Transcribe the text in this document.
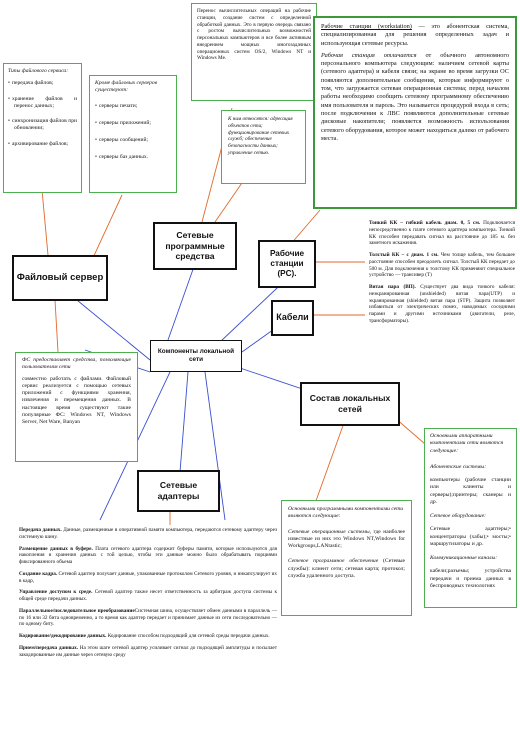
Компоненты локальной сети
Файловый сервер
Сетевые программные средства	Рабочие станции (PC).
Кабели
Состав локальных сетей
Сетевые адаптеры

Перенос вычислительных операций на рабочие станции, создание систем с определенной обработкой данных. Это в первую очередь связано с ростом вычислительных возможностей персональных компьютеров и все более активным внедрением мощных многозадачных операционных систем OS/2, Windows NT и Windows Me.

Типы файлового сервиса:

• передача файлов;
• хранение файлов и перенос данных;
• синхронизация файлов при обновлении;
• архивирование файлов;

Кроме файловых серверов существуют:

• серверы печати;
• серверы приложений;
• серверы сообщений;
• серверы баз данных.

К ним относятся: адресация объектов сети; функционирование сетевых служб; обеспечение безопасности данных; управление сетью.

Рабочие станции (workstation) — это абонентская система, специализированная для решения определенных задач и использующая сетевые ресурсы.

Рабочая станция отличается от обычного автономного персонального компьютера следующим: наличием сетевой карты (сетевого адаптера) и кабеля связи; на экране во время загрузки ОС появляются дополнительные сообщения, которые информируют о том, что загружается сетевая операционная система; перед началом работы необходимо сообщить сетевому программному обеспечению имя пользователя и пароль. Это называется процедурой входа в сеть; после подключения к ЛВС появляются дополнительные сетевые дисковые накопители; появляется возможность использования сетевого оборудования, которое может находиться далеко от рабочего места.

Тонкий КК – гибкий кабель диам. 0, 5 см. Подключается непосредственно к плате сетевого адаптера компьютера. Тонкий КК способен передавать сигнал на расстояние до 185 м. без заметного искажения.

Толстый КК – с диам. 1 см. Чем толще кабель, тем большее расстояние способен преодолеть сигнал. Толстый КК передает до 500 м. Для подключения к толстому КК применяют специальное устройство — трансивер (Т)

Витая пара (ВП). Существует два вида тонкого кабеля: неэкранированная (unshielded) витая пара(UTP) и экранированная (shielded) витая пара (STP). Защита позволяет избавиться от электрических помех, наводимых соседними парами и другими источниками (двигатели, реле, трансформаторы).

ФС предоставляет средства, позволяющие пользователям сети

совместно работать с файлами. Файловый сервис реализуется с помощью сетевых приложений с функциями хранения, извлечения и перемещения данных. В настоящее время существуют такие популярные ФС: Windows NT, Windows Server, Net Ware, Banyan

Основными программными компонентами сети являются следующие:

Сетевые операционные системы, где наиболее известные из них это Windows NT,Windows for Workgroups,LANtastic;

Сетевое программное обеспечение (Сетевые службы): клиент сети; сетевая карта; протокол; служба удаленного доступа.

Основными аппаратными компонентами сети являются следующие:

Абонентские системы:

компьютеры (рабочие станции или клиенты и серверы);принтеры; сканеры и др.

Сетевое оборудование:

Сетевые адаптеры;• концентраторы (хабы);• мосты;• маршрутизаторы и др.

Коммуникационные каналы:

кабели;разъемы; устройства передачи и приема данных в беспроводных технологиях

Передача данных. Данные, размещенные в оперативной памяти компьютера, передаются сетевому адаптеру через системную шину.

Размещение данных в буфере. Плата сетевого адаптера содержит буферы памяти, которые используются для накопления и хранения данных с той целью, чтобы эти данные можно было обрабатывать порциями фиксированного объема

Создание кадра. Сетевой адаптер получает данные, упакованные протоколом Сетевого уровня, и инкапсулирует их в кадр,

Управление доступом к среде. Сетевой адаптер также несет ответственность за арбитраж доступа системы к общей среде передачи данных.

Параллельное/последовательное преобразованиеСистемная шина, осуществляет обмен данными в параллель — по 16 или 32 бита одновременно, а то время как адаптер передает и принимает данные из сети последовательно — по одному биту.

Кодирование/декодирование данных. Кодирование способом подходящий для сетевой среды передачи данных.

Прием/передача данных. На этом шаге сетевой адаптер усиливает сигнал до подходящей амплитуды и посылает закодированные им данные через сетевую среду
